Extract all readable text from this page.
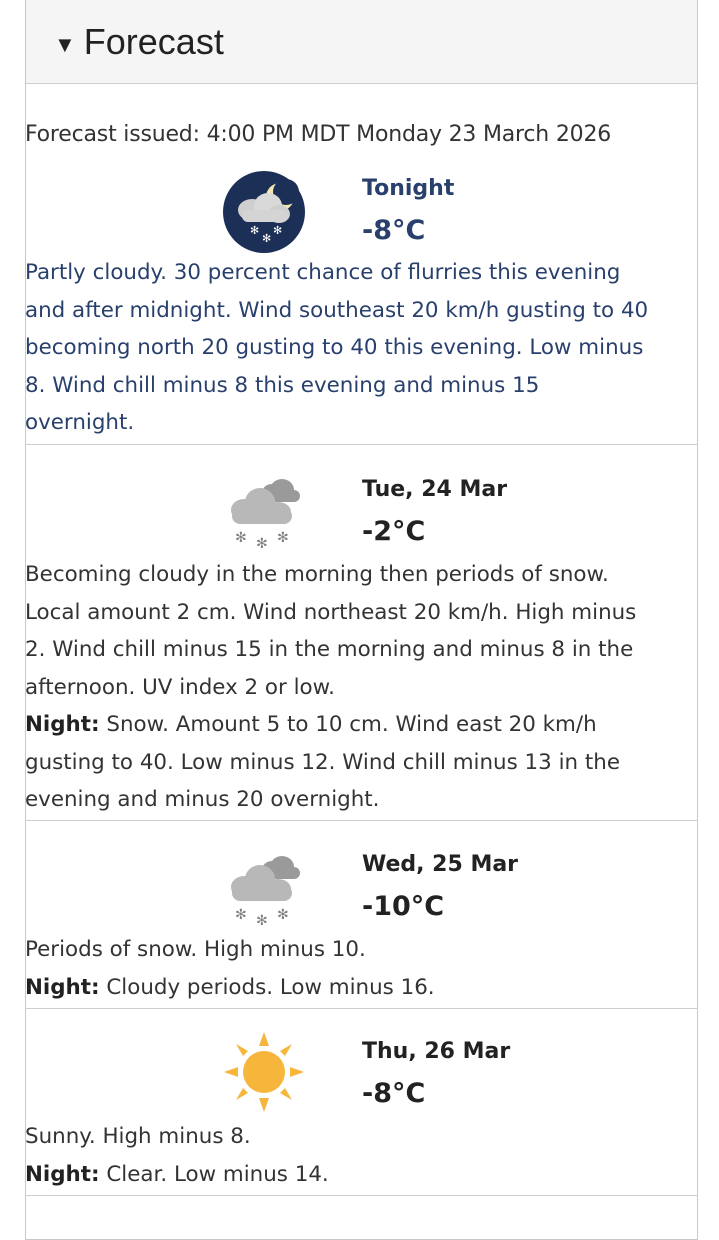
▼ Forecast
Forecast issued: 4:00 PM MDT Monday 23 March 2026
✻
✻
✻
Tonight
-8°C
Partly cloudy. 30 percent chance of flurries this evening and after midnight. Wind southeast 20 km/h gusting to 40 becoming north 20 gusting to 40 this evening. Low minus 8. Wind chill minus 8 this evening and minus 15 overnight.
✻ ✻ ✻
Tue, 24 Mar
-2°C
Becoming cloudy in the morning then periods of snow. Local amount 2 cm. Wind northeast 20 km/h. High minus 2. Wind chill minus 15 in the morning and minus 8 in the afternoon. UV index 2 or low.
Night: Snow. Amount 5 to 10 cm. Wind east 20 km/h gusting to 40. Low minus 12. Wind chill minus 13 in the evening and minus 20 overnight.
✻ ✻ ✻
Wed, 25 Mar
-10°C
Periods of snow. High minus 10.
Night: Cloudy periods. Low minus 16.
Thu, 26 Mar
-8°C
Sunny. High minus 8.
Night: Clear. Low minus 14.
